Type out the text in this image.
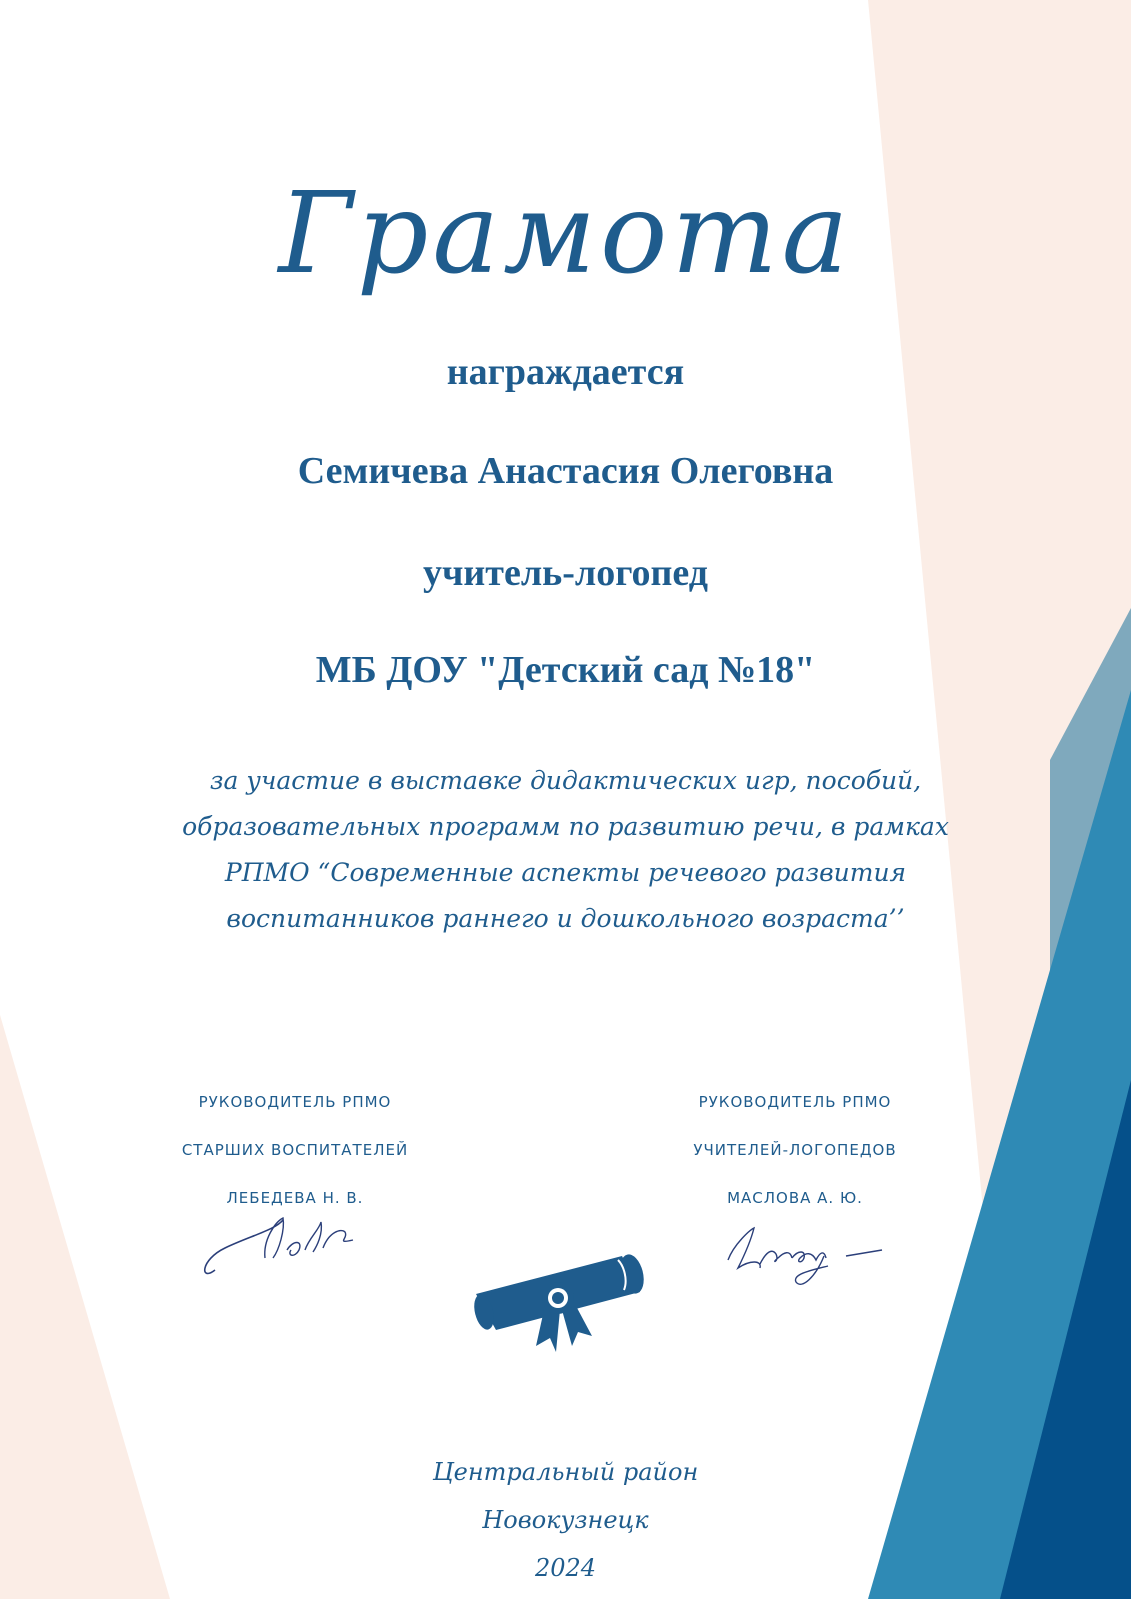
Грамота
награждается
Семичева Анастасия Олеговна
учитель-логопед
МБ ДОУ "Детский сад №18"
за участие в выставке дидактических игр, пособий,
образовательных программ по развитию речи, в рамках
РПМО “Современные аспекты речевого развития
воспитанников раннего и дошкольного возраста’’
РУКОВОДИТЕЛЬ РПМО
СТАРШИХ ВОСПИТАТЕЛЕЙ
ЛЕБЕДЕВА Н. В.
РУКОВОДИТЕЛЬ РПМО
УЧИТЕЛЕЙ-ЛОГОПЕДОВ
МАСЛОВА А. Ю.
Центральный район
Новокузнецк
2024
